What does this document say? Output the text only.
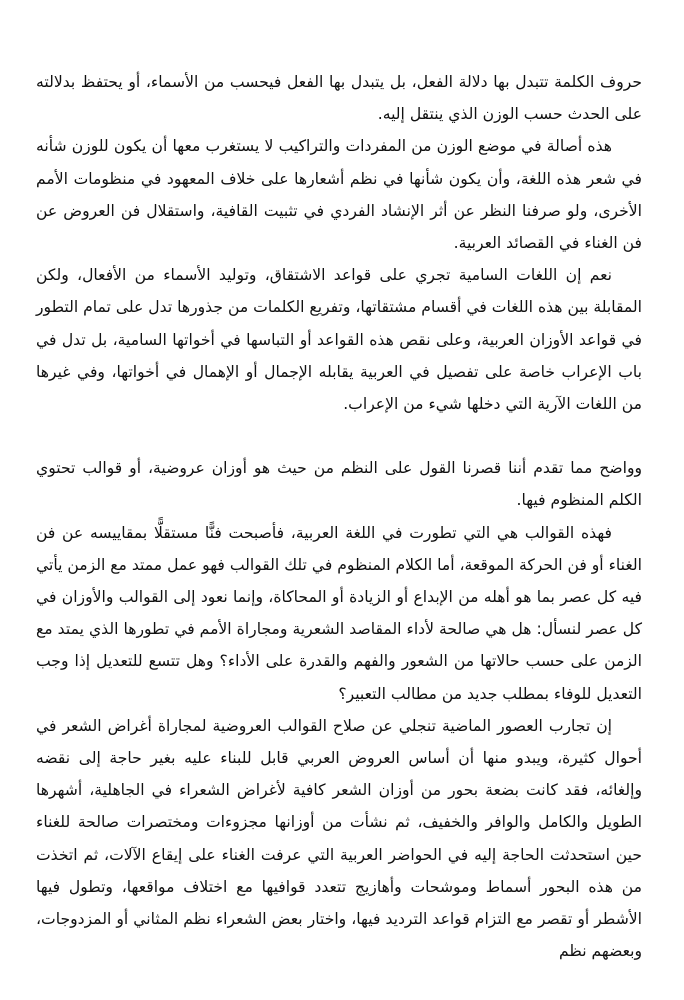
حروف الكلمة تتبدل بها دلالة الفعل، بل يتبدل بها الفعل فيحسب من الأسماء، أو يحتفظ بدلالته على الحدث حسب الوزن الذي ينتقل إليه.

هذه أصالة في موضع الوزن من المفردات والتراكيب لا يستغرب معها أن يكون للوزن شأنه في شعر هذه اللغة، وأن يكون شأنها في نظم أشعارها على خلاف المعهود في منظومات الأمم الأخرى، ولو صرفنا النظر عن أثر الإنشاد الفردي في تثبيت القافية، واستقلال فن العروض عن فن الغناء في القصائد العربية.

نعم إن اللغات السامية تجري على قواعد الاشتقاق، وتوليد الأسماء من الأفعال، ولكن المقابلة بين هذه اللغات في أقسام مشتقاتها، وتفريع الكلمات من جذورها تدل على تمام التطور في قواعد الأوزان العربية، وعلى نقص هذه القواعد أو التباسها في أخواتها السامية، بل تدل في باب الإعراب خاصة على تفصيل في العربية يقابله الإجمال أو الإهمال في أخواتها، وفي غيرها من اللغات الآرية التي دخلها شيء من الإعراب.

وواضح مما تقدم أننا قصرنا القول على النظم من حيث هو أوزان عروضية، أو قوالب تحتوي الكلم المنظوم فيها.

فهذه القوالب هي التي تطورت في اللغة العربية، فأصبحت فنًّا مستقلًّا بمقاييسه عن فن الغناء أو فن الحركة الموقعة، أما الكلام المنظوم في تلك القوالب فهو عمل ممتد مع الزمن يأتي فيه كل عصر بما هو أهله من الإبداع أو الزيادة أو المحاكاة، وإنما نعود إلى القوالب والأوزان في كل عصر لنسأل: هل هي صالحة لأداء المقاصد الشعرية ومجاراة الأمم في تطورها الذي يمتد مع الزمن على حسب حالاتها من الشعور والفهم والقدرة على الأداء؟ وهل تتسع للتعديل إذا وجب التعديل للوفاء بمطلب جديد من مطالب التعبير؟

إن تجارب العصور الماضية تنجلي عن صلاح القوالب العروضية لمجاراة أغراض الشعر في أحوال كثيرة، ويبدو منها أن أساس العروض العربي قابل للبناء عليه بغير حاجة إلى نقضه وإلغائه، فقد كانت بضعة بحور من أوزان الشعر كافية لأغراض الشعراء في الجاهلية، أشهرها الطويل والكامل والوافر والخفيف، ثم نشأت من أوزانها مجزوءات ومختصرات صالحة للغناء حين استحدثت الحاجة إليه في الحواضر العربية التي عرفت الغناء على إيقاع الآلات، ثم اتخذت من هذه البحور أسماط وموشحات وأهازيج تتعدد قوافيها مع اختلاف مواقعها، وتطول فيها الأشطر أو تقصر مع التزام قواعد الترديد فيها، واختار بعض الشعراء نظم المثاني أو المزدوجات، وبعضهم نظم
